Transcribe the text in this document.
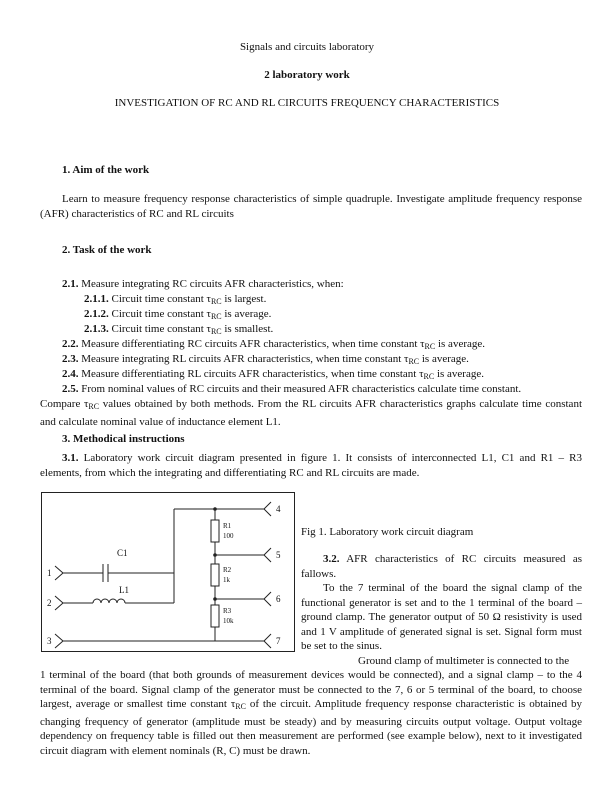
Signals and circuits laboratory
2 laboratory work
INVESTIGATION OF RC AND RL CIRCUITS FREQUENCY CHARACTERISTICS
1. Aim of the work

Learn to measure frequency response characteristics of simple quadruple. Investigate amplitude frequency response (AFR) characteristics of RC and RL circuits

2. Task of the work
2.1. Measure integrating RC circuits AFR characteristics, when:
2.1.1. Circuit time constant $\tau_{RC}$ is largest.
2.1.2. Circuit time constant $\tau_{RC}$ is average.
2.1.3. Circuit time constant $\tau_{RC}$ is smallest.
2.2. Measure differentiating RC circuits AFR characteristics, when time constant $\tau_{RC}$ is average.
2.3. Measure integrating RL circuits AFR characteristics, when time constant $\tau_{RC}$ is average.
2.4. Measure differentiating RL circuits AFR characteristics, when time constant $\tau_{RC}$ is average.
2.5. From nominal values of RC circuits and their measured AFR characteristics calculate time constant.

Compare $\tau_{RC}$ values obtained by both methods. From the RL circuits AFR characteristics graphs calculate time constant and calculate nominal value of inductance element L1.

3. Methodical instructions

3.1. Laboratory work circuit diagram presented in figure 1. It consists of interconnected L1, C1 and R1 – R3 elements, from which the integrating and differentiating RC and RL circuits are made.

1
2
3
4
5
6
7
C1
L1
R1
100
R2
1k
R3
10k
Fig 1. Laboratory work circuit diagram

3.2. AFR characteristics of RC circuits measured as fallows.

To the 7 terminal of the board the signal clamp of the functional generator is set and to the 1 terminal of the board – ground clamp. The generator output of 50 Ω resistivity is used and 1 V amplitude of generated signal is set. Signal form must be set to the sinus.

Ground clamp of multimeter is connected to the

1 terminal of the board (that both grounds of measurement devices would be connected), and a signal clamp – to the 4 terminal of the board. Signal clamp of the generator must be connected to the 7, 6 or 5 terminal of the board, to choose largest, average or smallest time constant $\tau_{RC}$ of the circuit. Amplitude frequency response characteristic is obtained by changing frequency of generator (amplitude must be steady) and by measuring circuits output voltage. Output voltage dependency on frequency table is filled out then measurement are performed (see example below), next to it investigated circuit diagram with element nominals (R, C) must be drawn.
